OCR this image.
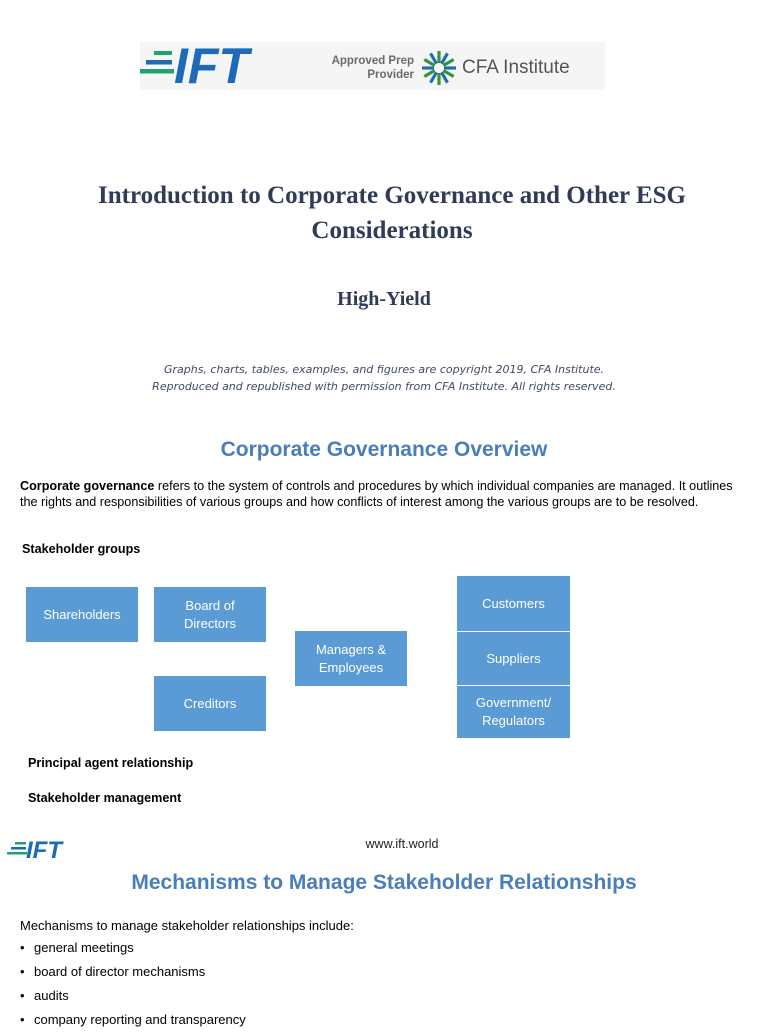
IFT	Approved Prep
Provider	CFA Institute
Introduction to Corporate Governance and Other ESG Considerations
High-Yield
Graphs, charts, tables, examples, and figures are copyright 2019, CFA Institute.
Reproduced and republished with permission from CFA Institute. All rights reserved.
Corporate Governance Overview
Corporate governance refers to the system of controls and procedures by which individual companies are managed. It outlines the rights and responsibilities of various groups and how conflicts of interest among the various groups are to be resolved.
Stakeholder groups
Shareholders
Board of Directors
Creditors
Managers & Employees
Customers
Suppliers
Government/ Regulators
Principal agent relationship
Stakeholder management
IFT	www.ift.world
Mechanisms to Manage Stakeholder Relationships
Mechanisms to manage stakeholder relationships include:
• general meetings
• board of director mechanisms
• audits
• company reporting and transparency
